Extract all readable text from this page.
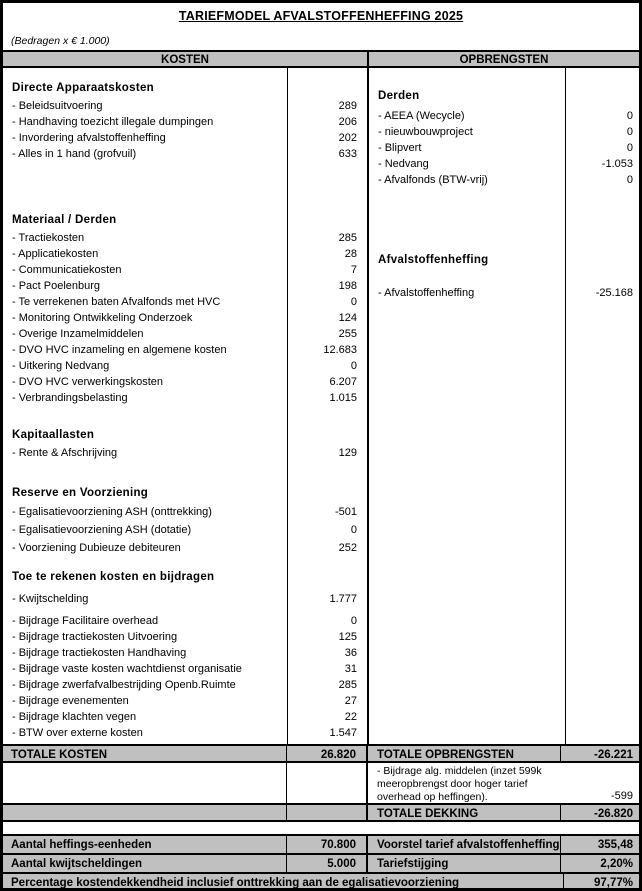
TARIEFMODEL AFVALSTOFFENHEFFING 2025
(Bedragen x € 1.000)
KOSTEN	OPBRENGSTEN
Directe Apparaatskosten
- Beleidsuitvoering	289
- Handhaving toezicht illegale dumpingen	206
- Invordering afvalstoffenheffing	202
- Alles in 1 hand (grofvuil)	633
Materiaal / Derden
- Tractiekosten	285
- Applicatiekosten	28
- Communicatiekosten	7
- Pact Poelenburg	198
- Te verrekenen baten Afvalfonds met HVC	0
- Monitoring Ontwikkeling Onderzoek	124
- Overige Inzamelmiddelen	255
- DVO HVC inzameling en algemene kosten	12.683
- Uitkering Nedvang	0
- DVO HVC verwerkingskosten	6.207
- Verbrandingsbelasting	1.015
Kapitaallasten
- Rente & Afschrijving	129
Reserve en Voorziening
- Egalisatievoorziening ASH (onttrekking)	-501
- Egalisatievoorziening ASH (dotatie)	0
- Voorziening Dubieuze debiteuren	252
Toe te rekenen kosten en bijdragen
- Kwijtschelding	1.777
- Bijdrage Facilitaire overhead	0
- Bijdrage tractiekosten Uitvoering	125
- Bijdrage tractiekosten Handhaving	36
- Bijdrage vaste kosten wachtdienst organisatie	31
- Bijdrage zwerfafvalbestrijding Openb.Ruimte	285
- Bijdrage evenementen	27
- Bijdrage klachten vegen	22
- BTW over externe kosten	1.547
Derden
- AEEA (Wecycle)	0
- nieuwbouwproject	0
- Blipvert	0
- Nedvang	-1.053
- Afvalfonds (BTW-vrij)	0
Afvalstoffenheffing
- Afvalstoffenheffing	-25.168
TOTALE KOSTEN	26.820	TOTALE OPBRENGSTEN	-26.221
- Bijdrage alg. middelen (inzet 599k meeropbrengst door hoger tarief overhead op heffingen).	-599
TOTALE DEKKING	-26.820
Aantal heffings-eenheden	70.800	Voorstel tarief afvalstoffenheffing	355,48
Aantal kwijtscheldingen	5.000	Tariefstijging	2,20%
Percentage kostendekkendheid inclusief onttrekking aan de egalisatievoorziening	97,77%
